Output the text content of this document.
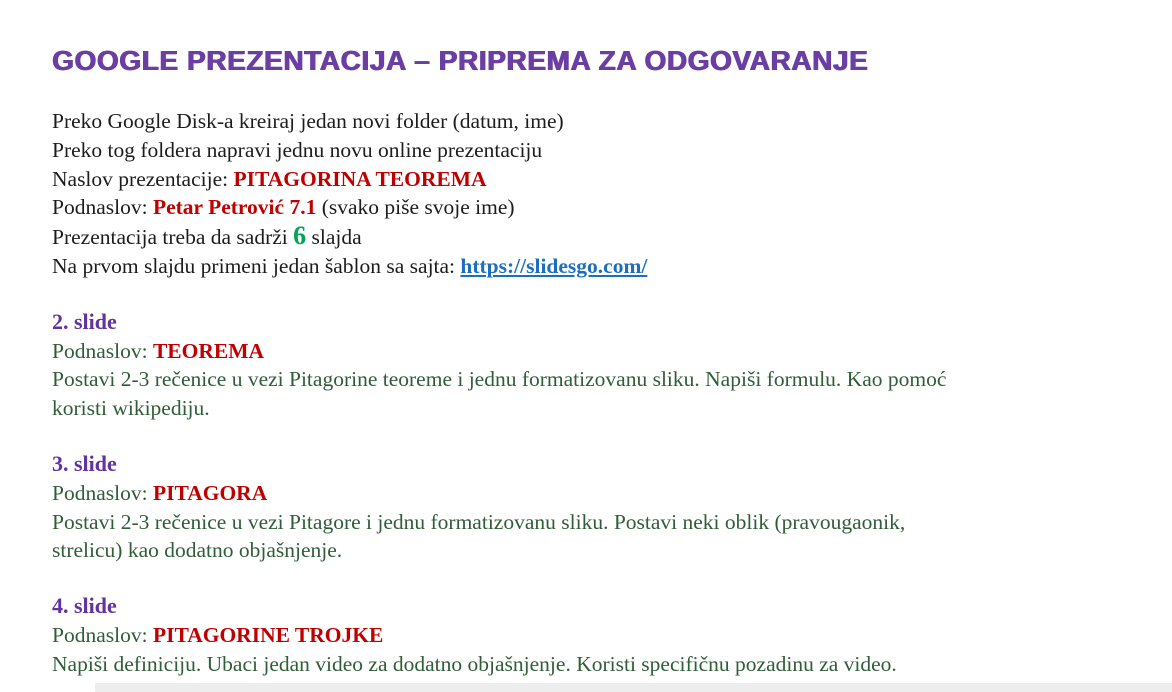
GOOGLE PREZENTACIJA – PRIPREMA ZA ODGOVARANJE
Preko Google Disk-a kreiraj jedan novi folder (datum, ime)
Preko tog foldera napravi jednu novu online prezentaciju
Naslov prezentacije: PITAGORINA TEOREMA
Podnaslov: Petar Petrović 7.1 (svako piše svoje ime)
Prezentacija treba da sadrži 6 slajda
Na prvom slajdu primeni jedan šablon sa sajta: https://slidesgo.com/
2. slide
Podnaslov: TEOREMA
Postavi 2-3 rečenice u vezi Pitagorine teoreme i jednu formatizovanu sliku. Napiši formulu. Kao pomoć
koristi wikipediju.
3. slide
Podnaslov: PITAGORA
Postavi 2-3 rečenice u vezi Pitagore i jednu formatizovanu sliku. Postavi neki oblik (pravougaonik,
strelicu) kao dodatno objašnjenje.
4. slide
Podnaslov: PITAGORINE TROJKE
Napiši definiciju. Ubaci jedan video za dodatno objašnjenje. Koristi specifičnu pozadinu za video.
